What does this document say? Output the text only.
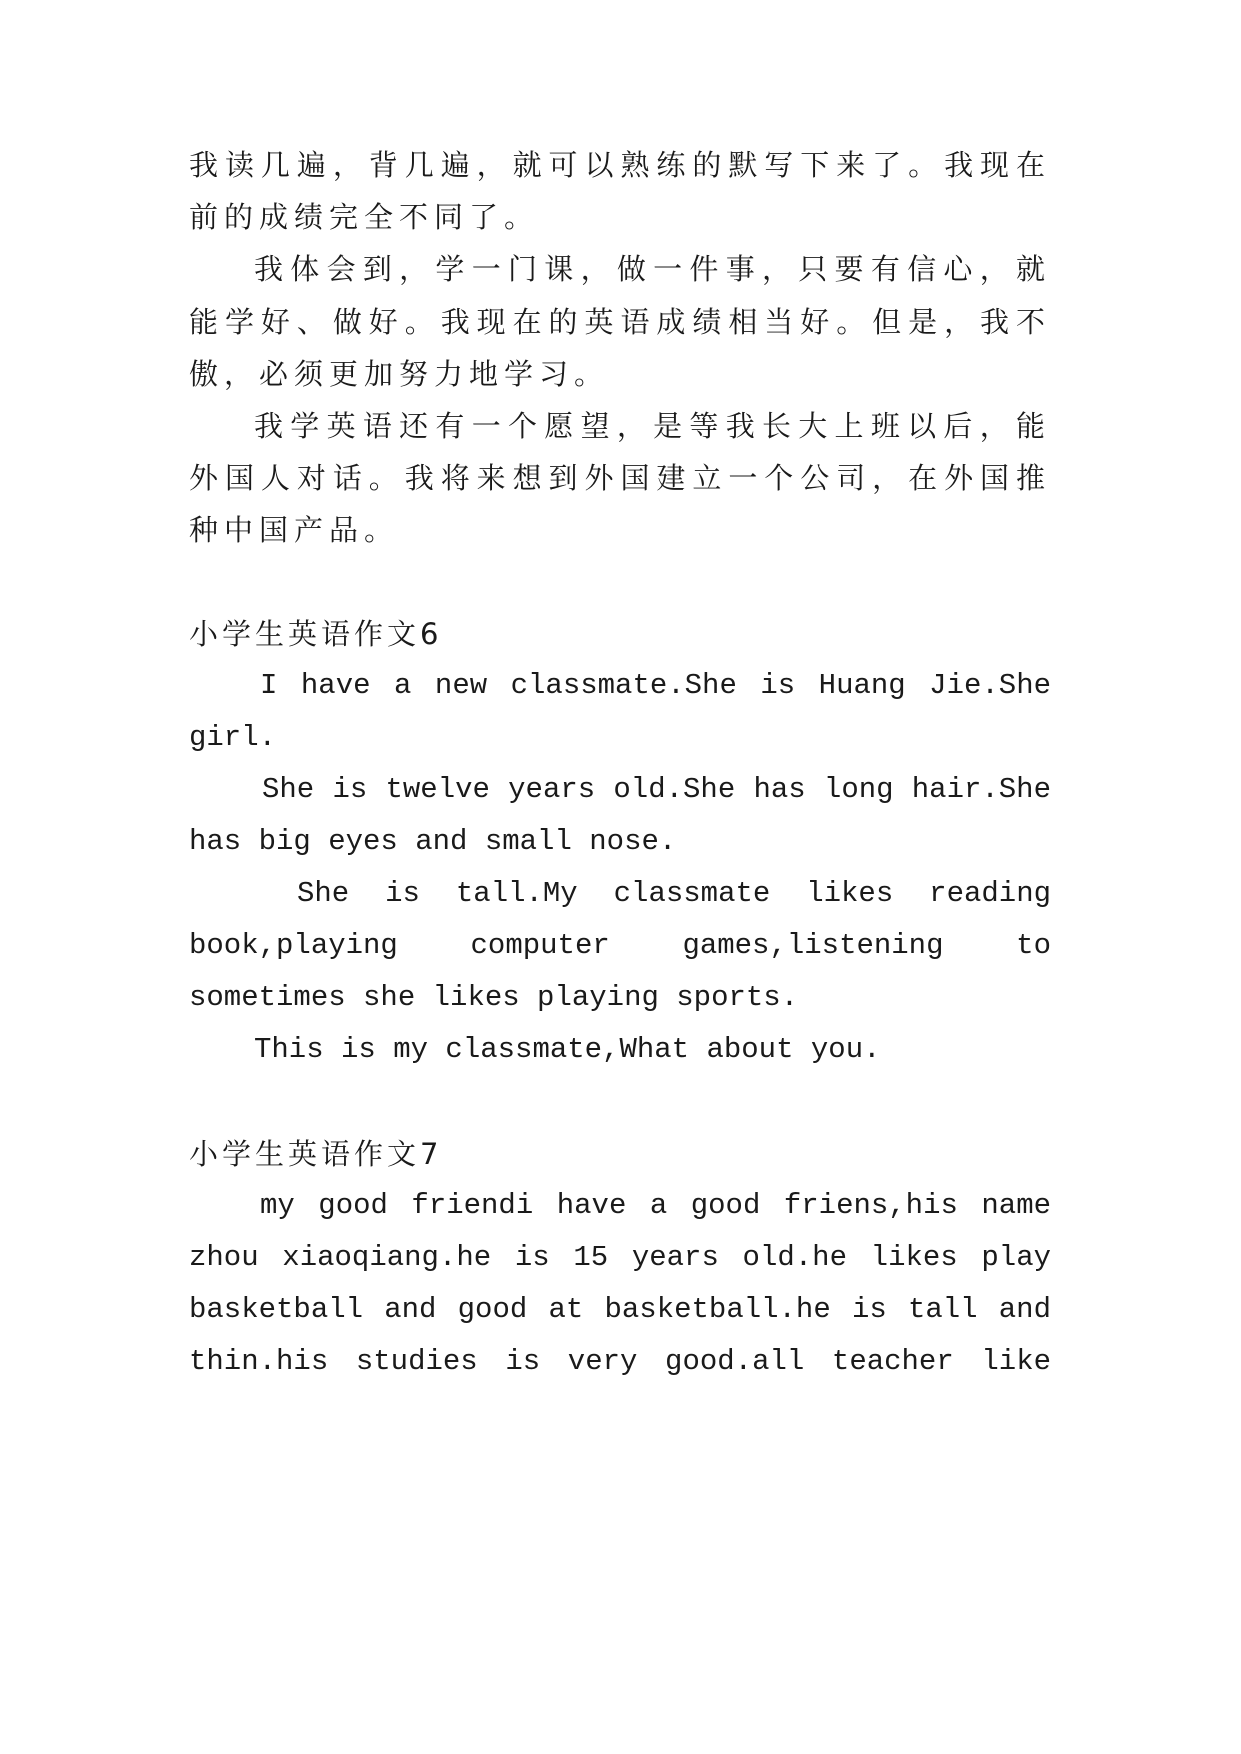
我读几遍，背几遍，就可以熟练的默写下来了。我现在
前的成绩完全不同了。
我体会到，学一门课，做一件事，只要有信心，就
能学好、做好。我现在的英语成绩相当好。但是，我不
傲，必须更加努力地学习。
我学英语还有一个愿望，是等我长大上班以后，能
外国人对话。我将来想到外国建立一个公司，在外国推
种中国产品。
小学生英语作文6
I have a new classmate.She is Huang Jie.She
girl.
She is twelve years old.She has long hair.She
has big eyes and small nose.
She is tall.My classmate likes reading
book,playing computer games,listening to
sometimes she likes playing sports.
This is my classmate,What about you.
小学生英语作文7
my good friendi have a good friens,his name
zhou xiaoqiang.he is 15 years old.he likes play
basketball and good at basketball.he is tall and
thin.his studies is very good.all teacher like
